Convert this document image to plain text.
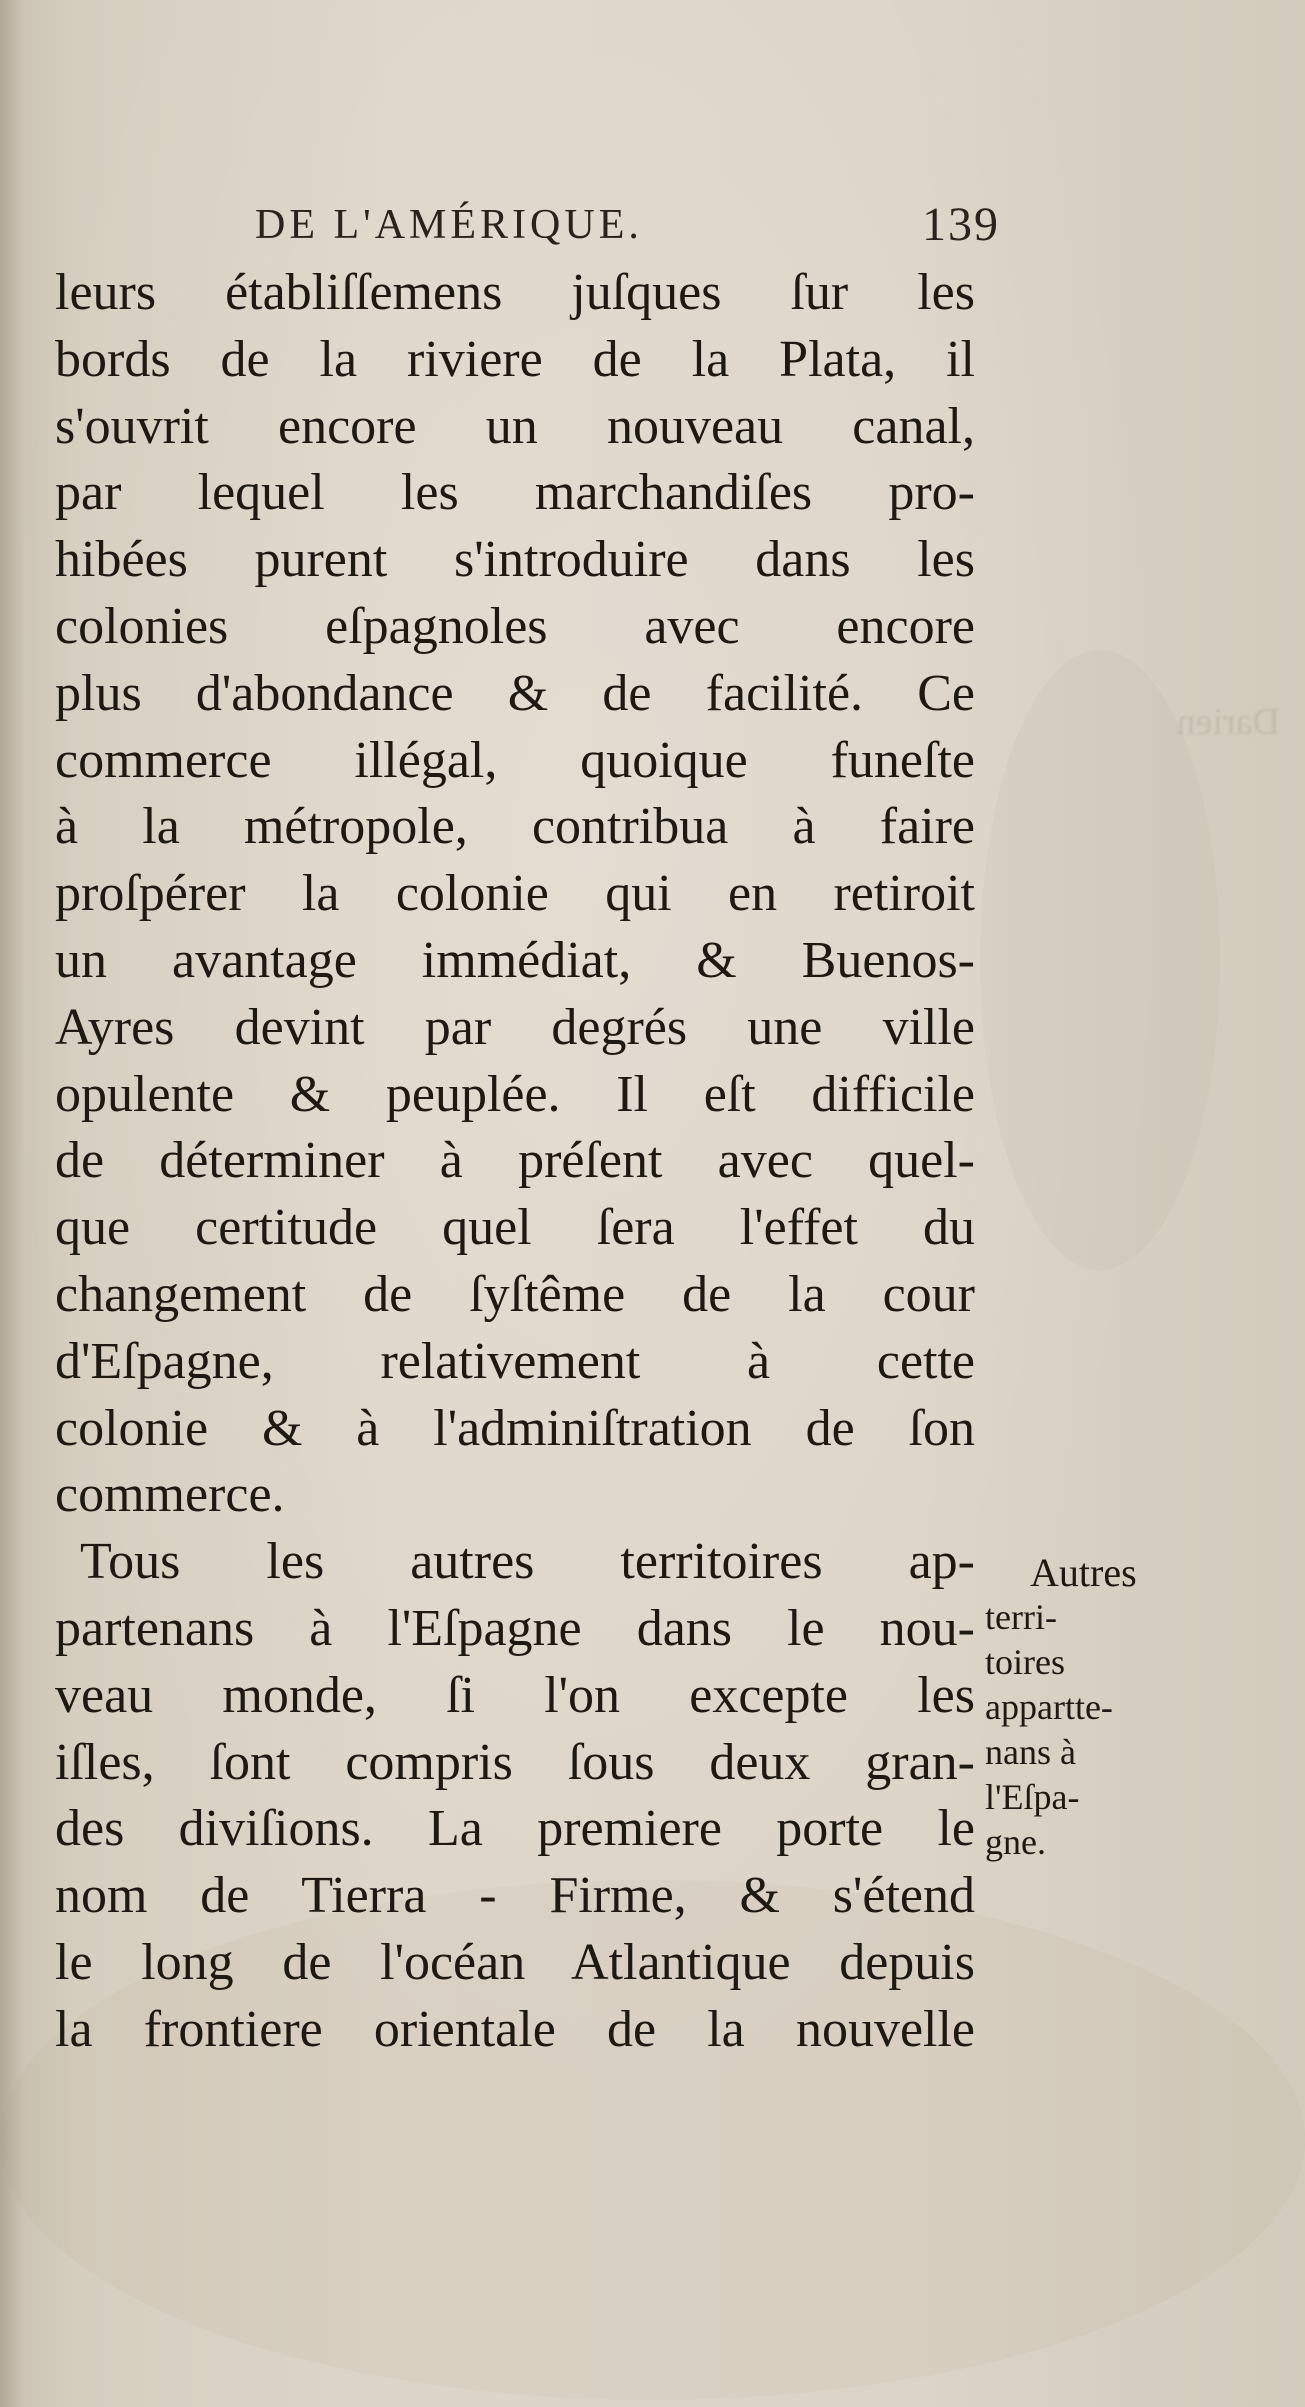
Darien
DE L'AMÉRIQUE.	139
leurs établiſſemens juſques ſur les
bords de la riviere de la Plata, il
s'ouvrit encore un nouveau canal,
par lequel les marchandiſes pro-
hibées purent s'introduire dans les
colonies eſpagnoles avec encore
plus d'abondance & de facilité. Ce
commerce illégal, quoique funeſte
à la métropole, contribua à faire
proſpérer la colonie qui en retiroit
un avantage immédiat, & Buenos-
Ayres devint par degrés une ville
opulente & peuplée. Il eſt difficile
de déterminer à préſent avec quel-
que certitude quel ſera l'effet du
changement de ſyſtême de la cour
d'Eſpagne, relativement à cette
colonie & à l'adminiſtration de ſon
commerce.
Tous les autres territoires ap-
partenans à l'Eſpagne dans le nou-
veau monde, ſi l'on excepte les
iſles, ſont compris ſous deux gran-
des diviſions. La premiere porte le
nom de Tierra - Firme, & s'étend
le long de l'océan Atlantique depuis
la frontiere orientale de la nouvelle
Autres
terri-
toires
appartte-
nans à
l'Eſpa-
gne.
